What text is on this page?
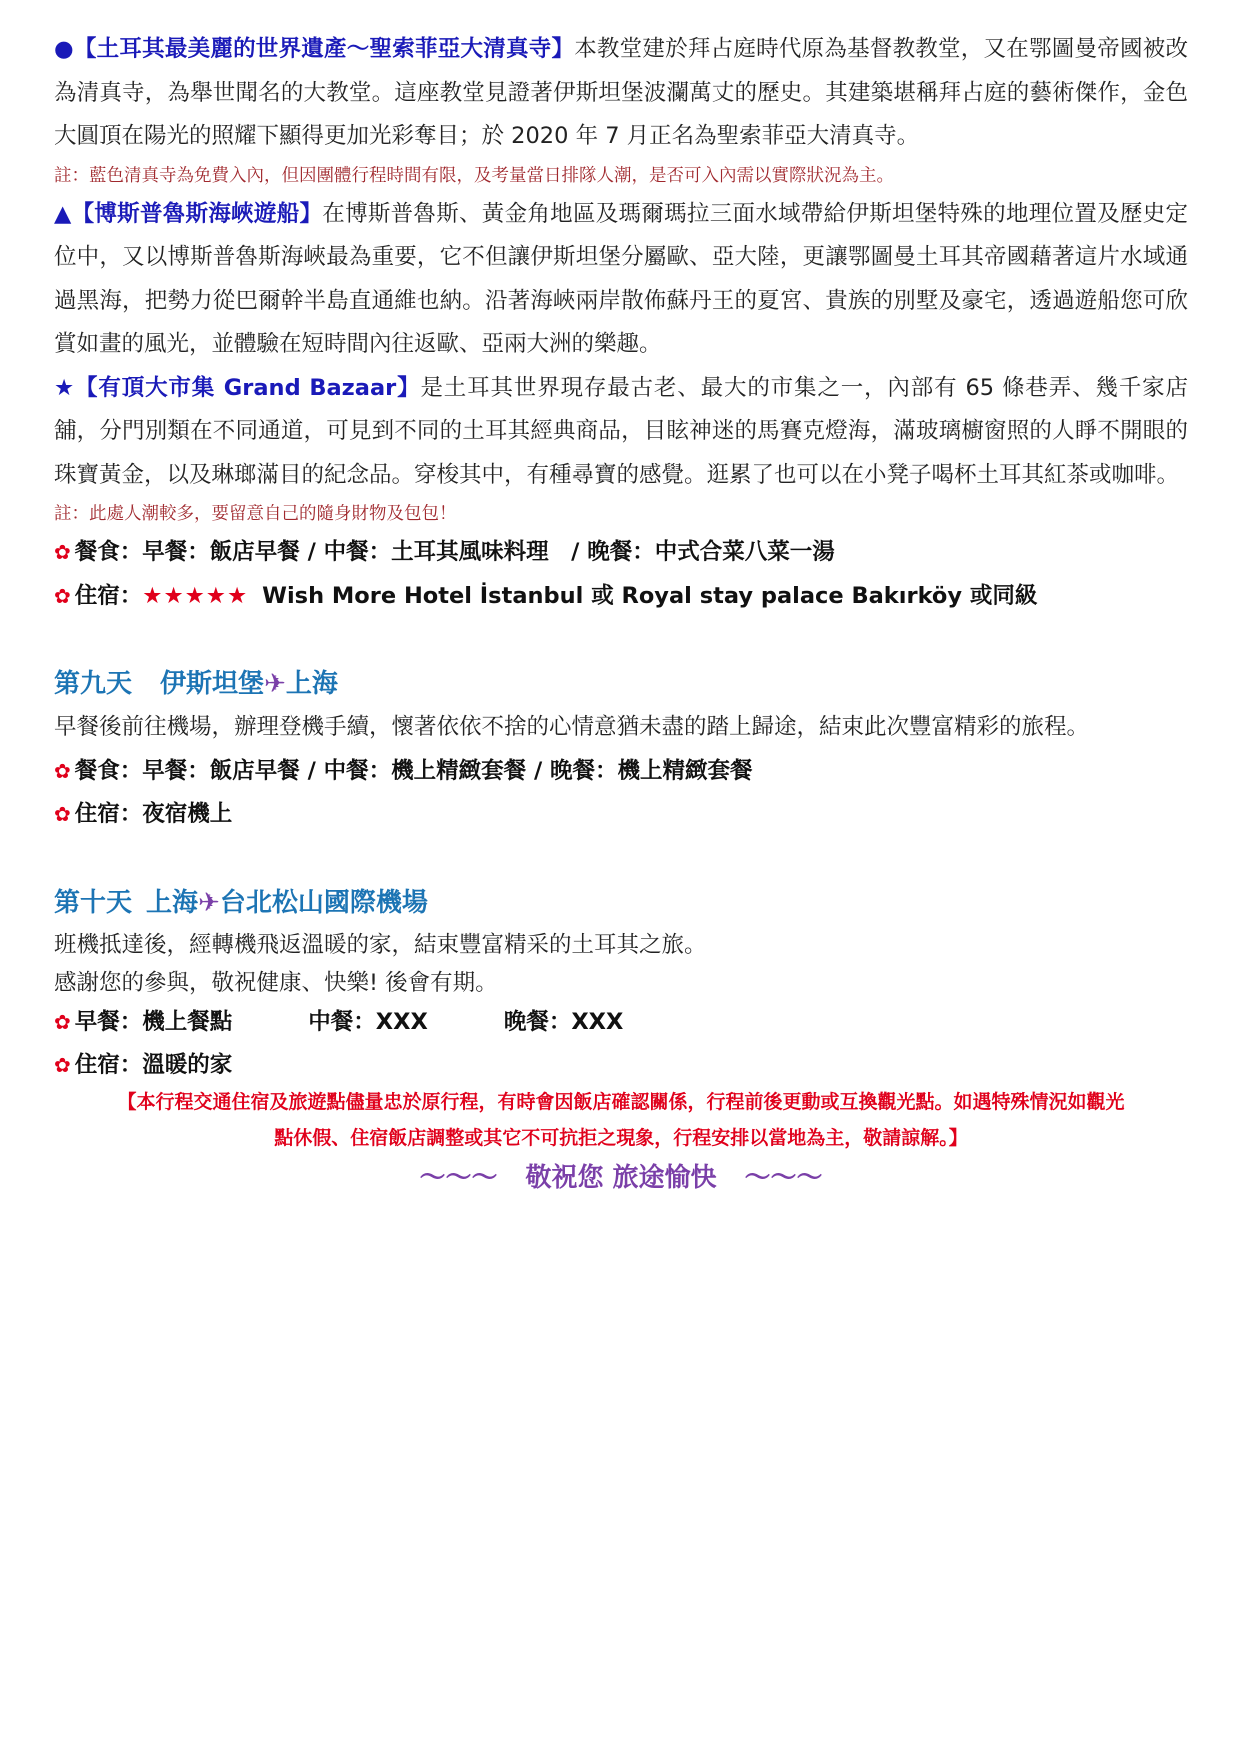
●【土耳其最美麗的世界遺產～聖索菲亞大清真寺】本教堂建於拜占庭時代原為基督教教堂，又在鄂圖曼帝國被改為清真寺，為舉世聞名的大教堂。這座教堂見證著伊斯坦堡波瀾萬丈的歷史。其建築堪稱拜占庭的藝術傑作，金色大圓頂在陽光的照耀下顯得更加光彩奪目；於 2020 年 7 月正名為聖索菲亞大清真寺。

註：藍色清真寺為免費入內，但因團體行程時間有限，及考量當日排隊人潮，是否可入內需以實際狀況為主。

▲【博斯普魯斯海峽遊船】在博斯普魯斯、黃金角地區及瑪爾瑪拉三面水域帶給伊斯坦堡特殊的地理位置及歷史定位中，又以博斯普魯斯海峽最為重要，它不但讓伊斯坦堡分屬歐、亞大陸，更讓鄂圖曼土耳其帝國藉著這片水域通過黑海，把勢力從巴爾幹半島直通維也納。沿著海峽兩岸散佈蘇丹王的夏宮、貴族的別墅及豪宅，透過遊船您可欣賞如畫的風光，並體驗在短時間內往返歐、亞兩大洲的樂趣。

★【有頂大市集 Grand Bazaar】是土耳其世界現存最古老、最大的市集之一，內部有 65 條巷弄、幾千家店舖，分門別類在不同通道，可見到不同的土耳其經典商品，目眩神迷的馬賽克燈海，滿玻璃櫥窗照的人睜不開眼的珠寶黃金，以及琳瑯滿目的紀念品。穿梭其中，有種尋寶的感覺。逛累了也可以在小凳子喝杯土耳其紅茶或咖啡。

註：此處人潮較多，要留意自己的隨身財物及包包！

✿ 餐食：早餐：飯店早餐 / 中餐：土耳其風味料理　/ 晚餐：中式合菜八菜一湯

✿ 住宿：★★★★★ Wish More Hotel İstanbul 或 Royal stay palace Bakırköy 或同級

第九天 伊斯坦堡✈上海

早餐後前往機場，辦理登機手續，懷著依依不捨的心情意猶未盡的踏上歸途，結束此次豐富精彩的旅程。

✿ 餐食：早餐：飯店早餐 / 中餐：機上精緻套餐 / 晚餐：機上精緻套餐

✿ 住宿：夜宿機上

第十天 上海✈台北松山國際機場

班機抵達後，經轉機飛返溫暖的家，結束豐富精采的土耳其之旅。

感謝您的參與，敬祝健康、快樂! 後會有期。

✿ 早餐：機上餐點	中餐：XXX	晚餐：XXX

✿ 住宿：溫暖的家

【本行程交通住宿及旅遊點儘量忠於原行程，有時會因飯店確認關係，行程前後更動或互換觀光點。如遇特殊情況如觀光

點休假、住宿飯店調整或其它不可抗拒之現象，行程安排以當地為主，敬請諒解。】

～～～ 敬祝您 旅途愉快 ～～～
